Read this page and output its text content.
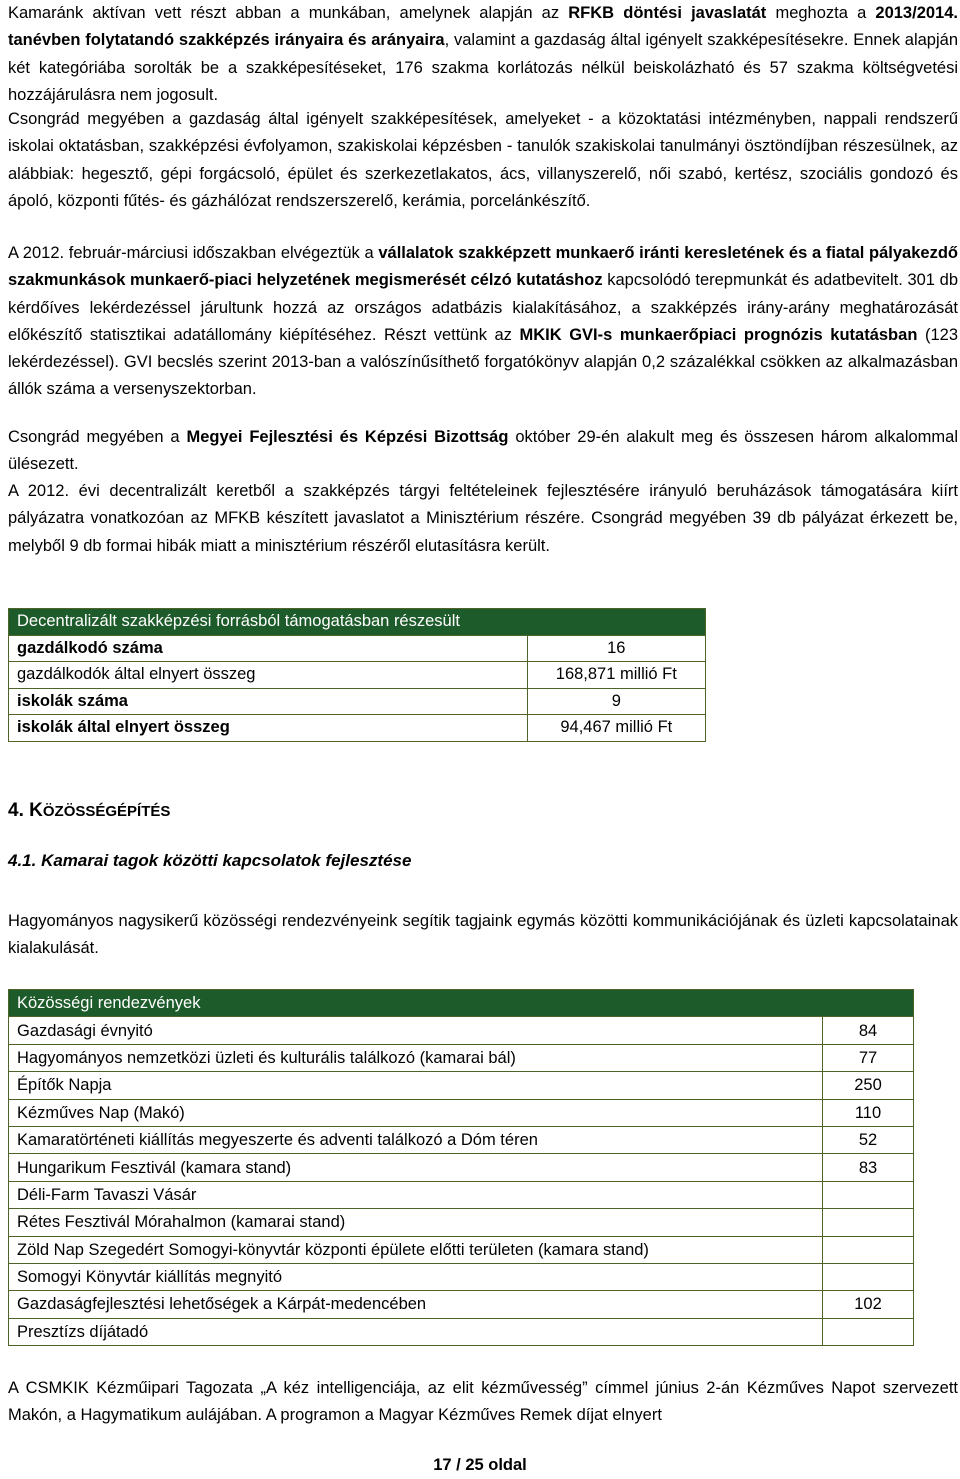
Kamaránk aktívan vett részt abban a munkában, amelynek alapján az RFKB döntési javaslatát meghozta a 2013/2014. tanévben folytatandó szakképzés irányaira és arányaira, valamint a gazdaság által igényelt szakképesítésekre. Ennek alapján két kategóriába sorolták be a szakképesítéseket, 176 szakma korlátozás nélkül beiskolázható és 57 szakma költségvetési hozzájárulásra nem jogosult.

Csongrád megyében a gazdaság által igényelt szakképesítések, amelyeket - a közoktatási intézményben, nappali rendszerű iskolai oktatásban, szakképzési évfolyamon, szakiskolai képzésben - tanulók szakiskolai tanulmányi ösztöndíjban részesülnek, az alábbiak: hegesztő, gépi forgácsoló, épület és szerkezetlakatos, ács, villanyszerelő, női szabó, kertész, szociális gondozó és ápoló, központi fűtés- és gázhálózat rendszerszerelő, kerámia, porcelánkészítő.

A 2012. február-márciusi időszakban elvégeztük a vállalatok szakképzett munkaerő iránti keresletének és a fiatal pályakezdő szakmunkások munkaerő-piaci helyzetének megismerését célzó kutatáshoz kapcsolódó terepmunkát és adatbevitelt. 301 db kérdőíves lekérdezéssel járultunk hozzá az országos adatbázis kialakításához, a szakképzés irány-arány meghatározását előkészítő statisztikai adatállomány kiépítéséhez. Részt vettünk az MKIK GVI-s munkaerőpiaci prognózis kutatásban (123 lekérdezéssel). GVI becslés szerint 2013-ban a valószínűsíthető forgatókönyv alapján 0,2 százalékkal csökken az alkalmazásban állók száma a versenyszektorban.

Csongrád megyében a Megyei Fejlesztési és Képzési Bizottság október 29-én alakult meg és összesen három alkalommal ülésezett.

A 2012. évi decentralizált keretből a szakképzés tárgyi feltételeinek fejlesztésére irányuló beruházások támogatására kiírt pályázatra vonatkozóan az MFKB készített javaslatot a Minisztérium részére. Csongrád megyében 39 db pályázat érkezett be, melyből 9 db formai hibák miatt a minisztérium részéről elutasításra került.

Decentralizált szakképzési forrásból támogatásban részesült	
gazdálkodó száma	16
gazdálkodók által elnyert összeg	168,871 millió Ft
iskolák száma	9
iskolák által elnyert összeg	94,467 millió Ft
4. KÖZÖSSÉGÉPÍTÉS
4.1. Kamarai tagok közötti kapcsolatok fejlesztése

Hagyományos nagysikerű közösségi rendezvényeink segítik tagjaink egymás közötti kommunikációjának és üzleti kapcsolatainak kialakulását.

Közösségi rendezvények	
Gazdasági évnyitó	84
Hagyományos nemzetközi üzleti és kulturális találkozó (kamarai bál)	77
Építők Napja	250
Kézműves Nap (Makó)	110
Kamaratörténeti kiállítás megyeszerte és adventi találkozó a Dóm téren	52
Hungarikum Fesztivál (kamara stand)	83
Déli-Farm Tavaszi Vásár	
Rétes Fesztivál Mórahalmon (kamarai stand)	
Zöld Nap Szegedért Somogyi-könyvtár központi épülete előtti területen (kamara stand)	
Somogyi Könyvtár kiállítás megnyitó	
Gazdaságfejlesztési lehetőségek a Kárpát-medencében	102
Presztízs díjátadó	

A CSMKIK Kézműipari Tagozata „A kéz intelligenciája, az elit kézművesség” címmel június 2-án Kézműves Napot szervezett Makón, a Hagymatikum aulájában. A programon a Magyar Kézműves Remek díjat elnyert

17 / 25 oldal
